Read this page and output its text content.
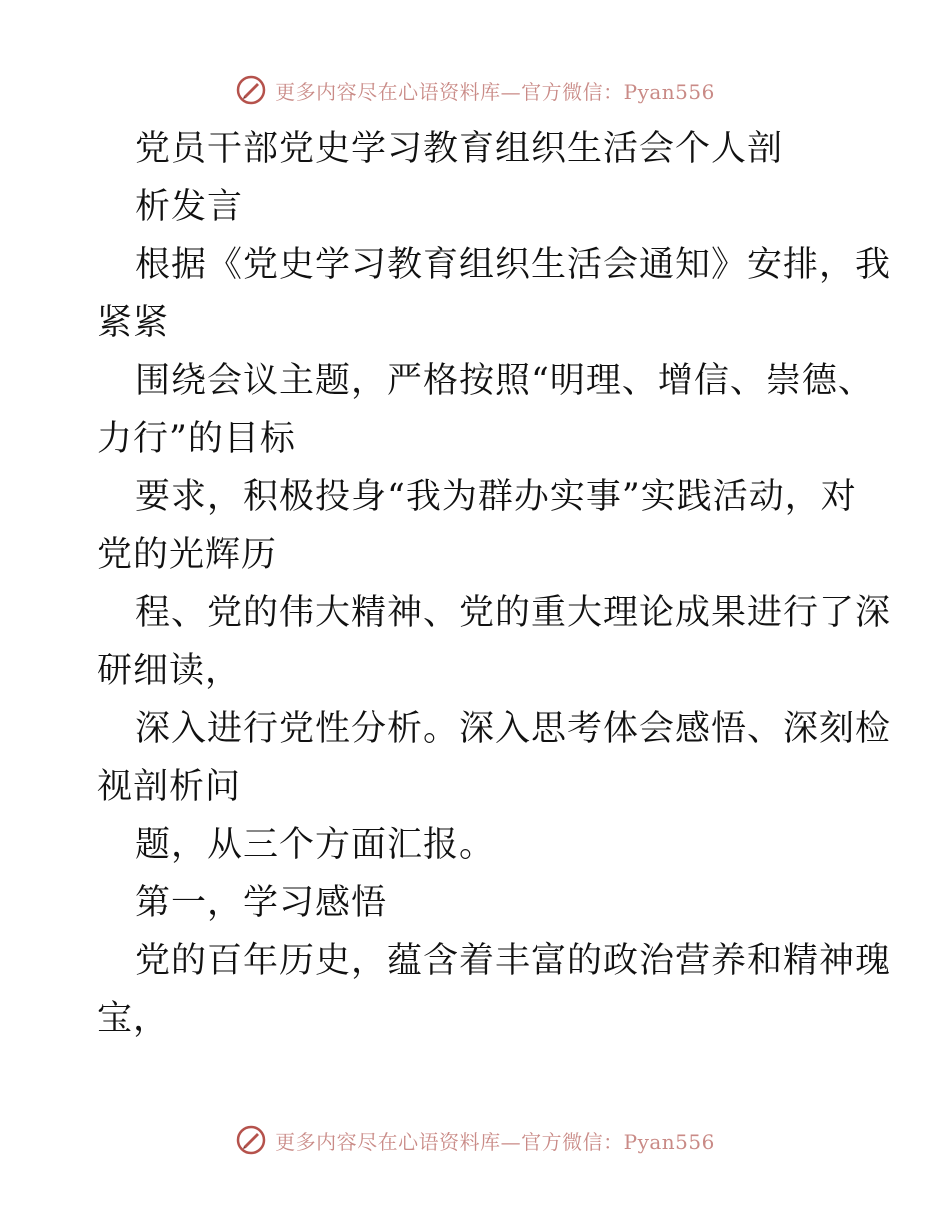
更多内容尽在心语资料库—官方微信：Pyan556
党员干部党史学习教育组织生活会个人剖
析发言
根据《党史学习教育组织生活会通知》安排，我
紧紧
围绕会议主题，严格按照“明理、增信、崇德、
力行”的目标
要求，积极投身“我为群办实事”实践活动，对
党的光辉历
程、党的伟大精神、党的重大理论成果进行了深
研细读，
深入进行党性分析。深入思考体会感悟、深刻检
视剖析问
题，从三个方面汇报。
第一，学习感悟
党的百年历史，蕴含着丰富的政治营养和精神瑰
宝，
更多内容尽在心语资料库—官方微信：Pyan556
